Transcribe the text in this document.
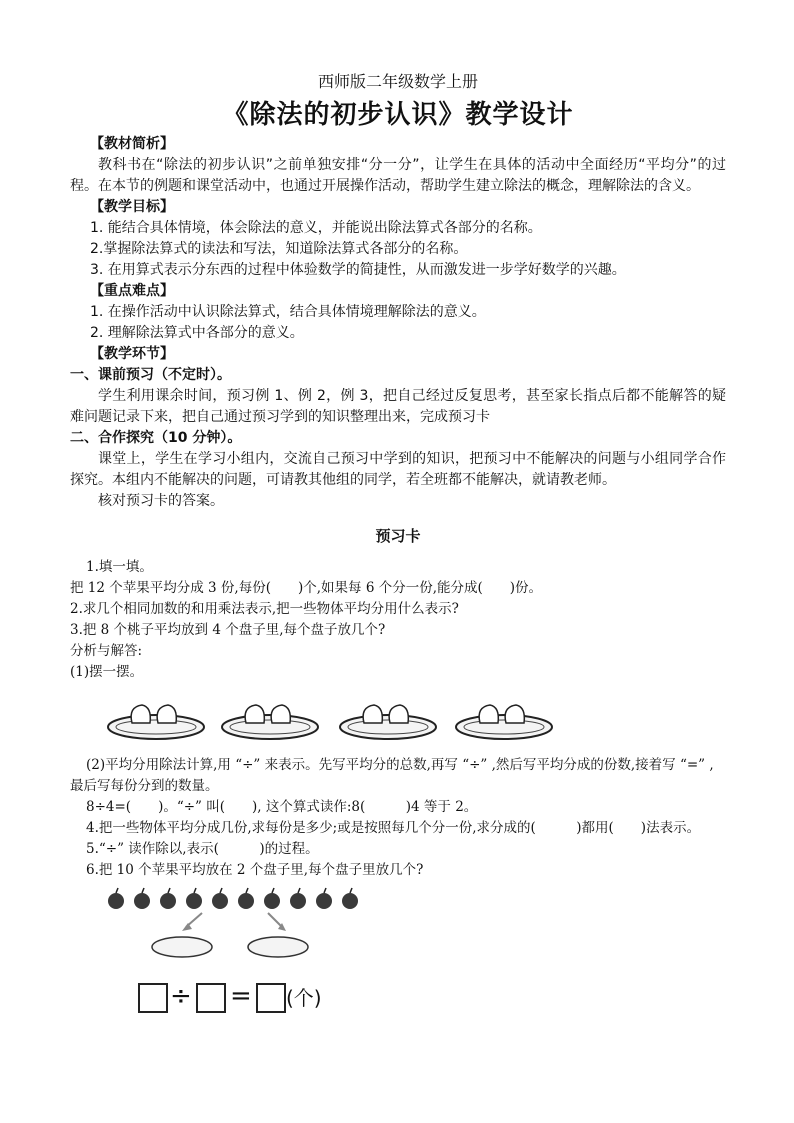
西师版二年级数学上册

《除法的初步认识》教学设计

【教材简析】

教科书在“除法的初步认识”之前单独安排“分一分”，让学生在具体的活动中全面经历“平均分”的过程。在本节的例题和课堂活动中，也通过开展操作活动，帮助学生建立除法的概念，理解除法的含义。

【教学目标】

1. 能结合具体情境，体会除法的意义，并能说出除法算式各部分的名称。

2.掌握除法算式的读法和写法，知道除法算式各部分的名称。

3. 在用算式表示分东西的过程中体验数学的简捷性，从而激发进一步学好数学的兴趣。

【重点难点】

1. 在操作活动中认识除法算式，结合具体情境理解除法的意义。

2. 理解除法算式中各部分的意义。

【教学环节】

一、课前预习（不定时）。

学生利用课余时间，预习例 1、例 2，例 3，把自己经过反复思考，甚至家长指点后都不能解答的疑难问题记录下来，把自己通过预习学到的知识整理出来，完成预习卡

二、合作探究（10 分钟）。

课堂上，学生在学习小组内，交流自己预习中学到的知识，把预习中不能解决的问题与小组同学合作探究。本组内不能解决的问题，可请教其他组的同学，若全班都不能解决，就请教老师。

核对预习卡的答案。

预习卡

1.填一填。

把 12 个苹果平均分成 3 份,每份(　　)个,如果每 6 个分一份,能分成(　　)份。

2.求几个相同加数的和用乘法表示,把一些物体平均分用什么表示?

3.把 8 个桃子平均放到 4 个盘子里,每个盘子放几个?

分析与解答:

(1)摆一摆。

(2)平均分用除法计算,用 “÷” 来表示。先写平均分的总数,再写 “÷” ,然后写平均分成的份数,接着写 “=” ,最后写每份分到的数量。

8÷4=(　　)。“÷” 叫(　　), 这个算式读作:8(　　　)4 等于 2。

4.把一些物体平均分成几份,求每份是多少;或是按照每几个分一份,求分成的(　　　)都用(　　)法表示。

5.“÷” 读作除以,表示(　　　)的过程。

6.把 10 个苹果平均放在 2 个盘子里,每个盘子里放几个?

÷ = (个)
